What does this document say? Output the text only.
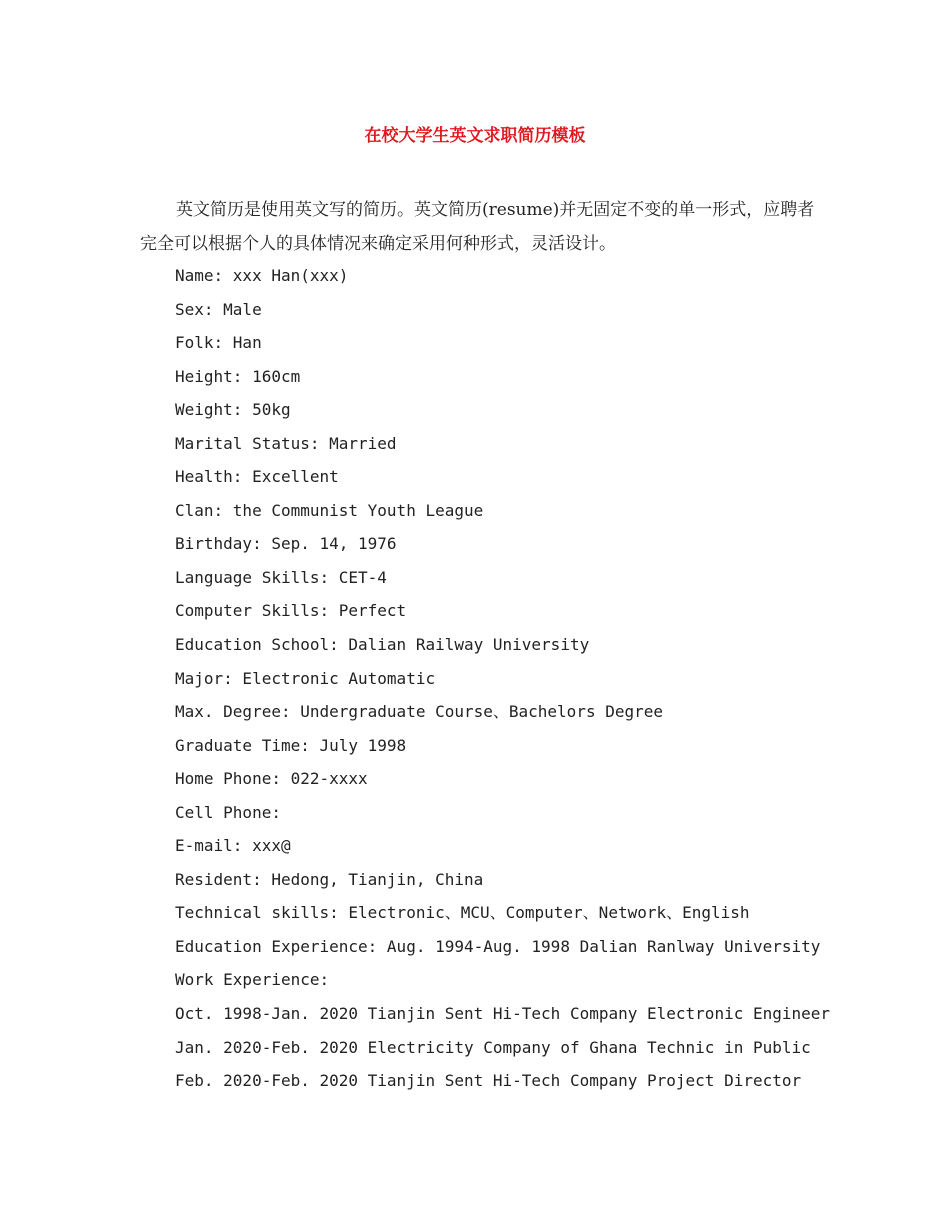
在校大学生英文求职简历模板

英文简历是使用英文写的简历。英文简历(resume)并无固定不变的单一形式，应聘者完全可以根据个人的具体情况来确定采用何种形式，灵活设计。

Name: xxx Han(xxx)
Sex: Male
Folk: Han
Height: 160cm
Weight: 50kg
Marital Status: Married
Health: Excellent
Clan: the Communist Youth League
Birthday: Sep. 14, 1976
Language Skills: CET-4
Computer Skills: Perfect
Education School: Dalian Railway University
Major: Electronic Automatic
Max. Degree: Undergraduate Course、Bachelors Degree
Graduate Time: July 1998
Home Phone: 022-xxxx
Cell Phone:
E-mail: xxx@
Resident: Hedong, Tianjin, China
Technical skills: Electronic、MCU、Computer、Network、English
Education Experience: Aug. 1994-Aug. 1998 Dalian Ranlway University
Work Experience:
Oct. 1998-Jan. 2020 Tianjin Sent Hi-Tech Company Electronic Engineer
Jan. 2020-Feb. 2020 Electricity Company of Ghana Technic in Public
Feb. 2020-Feb. 2020 Tianjin Sent Hi-Tech Company Project Director
